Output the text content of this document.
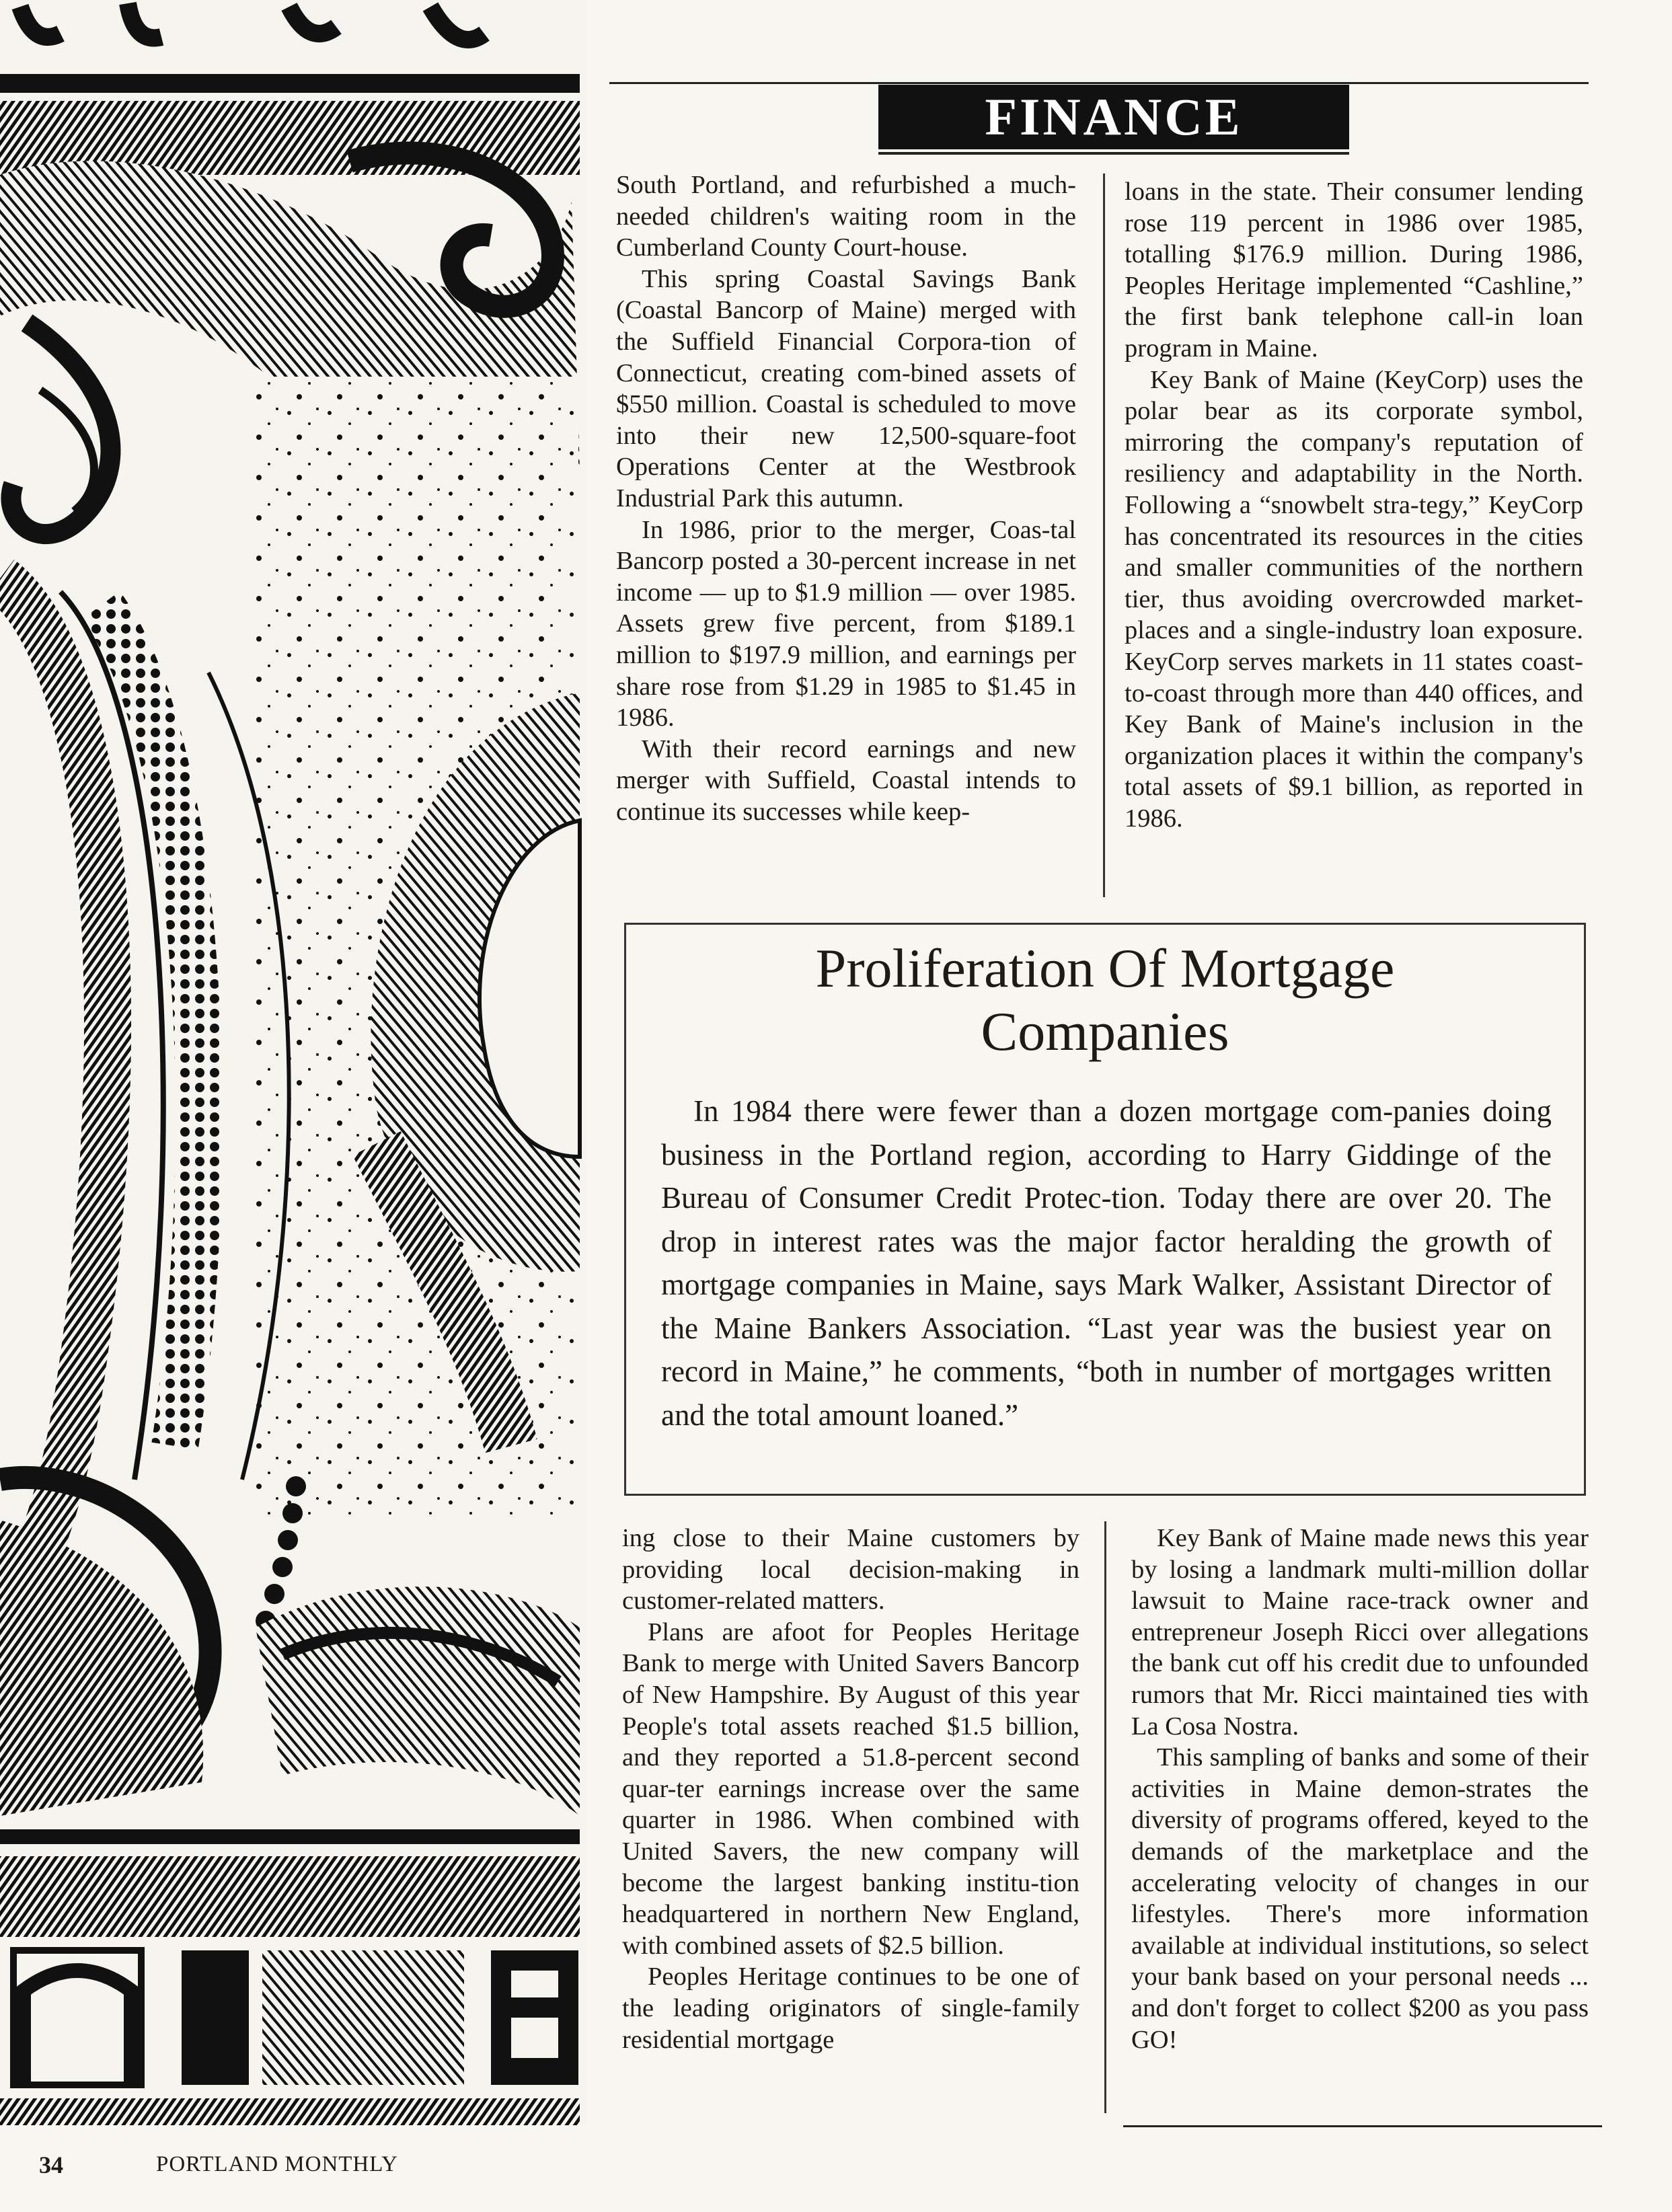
FINANCE

South Portland, and refurbished a much-needed children's waiting room in the Cumberland County Court-house.

This spring Coastal Savings Bank (Coastal Bancorp of Maine) merged with the Suffield Financial Corpora-tion of Connecticut, creating com-bined assets of $550 million. Coastal is scheduled to move into their new 12,500-square-foot Operations Center at the Westbrook Industrial Park this autumn.

In 1986, prior to the merger, Coas-tal Bancorp posted a 30-percent increase in net income — up to $1.9 million — over 1985. Assets grew five percent, from $189.1 million to $197.9 million, and earnings per share rose from $1.29 in 1985 to $1.45 in 1986.

With their record earnings and new merger with Suffield, Coastal intends to continue its successes while keep-

loans in the state. Their consumer lending rose 119 percent in 1986 over 1985, totalling $176.9 million. During 1986, Peoples Heritage implemented “Cashline,” the first bank telephone call-in loan program in Maine.

Key Bank of Maine (KeyCorp) uses the polar bear as its corporate symbol, mirroring the company's reputation of resiliency and adaptability in the North. Following a “snowbelt stra-tegy,” KeyCorp has concentrated its resources in the cities and smaller communities of the northern tier, thus avoiding overcrowded market-places and a single-industry loan exposure. KeyCorp serves markets in 11 states coast-to-coast through more than 440 offices, and Key Bank of Maine's inclusion in the organization places it within the company's total assets of $9.1 billion, as reported in 1986.

Proliferation Of Mortgage
Companies

In 1984 there were fewer than a dozen mortgage com-panies doing business in the Portland region, according to Harry Giddinge of the Bureau of Consumer Credit Protec-tion. Today there are over 20. The drop in interest rates was the major factor heralding the growth of mortgage companies in Maine, says Mark Walker, Assistant Director of the Maine Bankers Association. “Last year was the busiest year on record in Maine,” he comments, “both in number of mortgages written and the total amount loaned.”

ing close to their Maine customers by providing local decision-making in customer-related matters.

Plans are afoot for Peoples Heritage Bank to merge with United Savers Bancorp of New Hampshire. By August of this year People's total assets reached $1.5 billion, and they reported a 51.8-percent second quar-ter earnings increase over the same quarter in 1986. When combined with United Savers, the new company will become the largest banking institu-tion headquartered in northern New England, with combined assets of $2.5 billion.

Peoples Heritage continues to be one of the leading originators of single-family residential mortgage

Key Bank of Maine made news this year by losing a landmark multi-million dollar lawsuit to Maine race-track owner and entrepreneur Joseph Ricci over allegations the bank cut off his credit due to unfounded rumors that Mr. Ricci maintained ties with La Cosa Nostra.

This sampling of banks and some of their activities in Maine demon-strates the diversity of programs offered, keyed to the demands of the marketplace and the accelerating velocity of changes in our lifestyles. There's more information available at individual institutions, so select your bank based on your personal needs ... and don't forget to collect $200 as you pass GO!

34	PORTLAND MONTHLY
